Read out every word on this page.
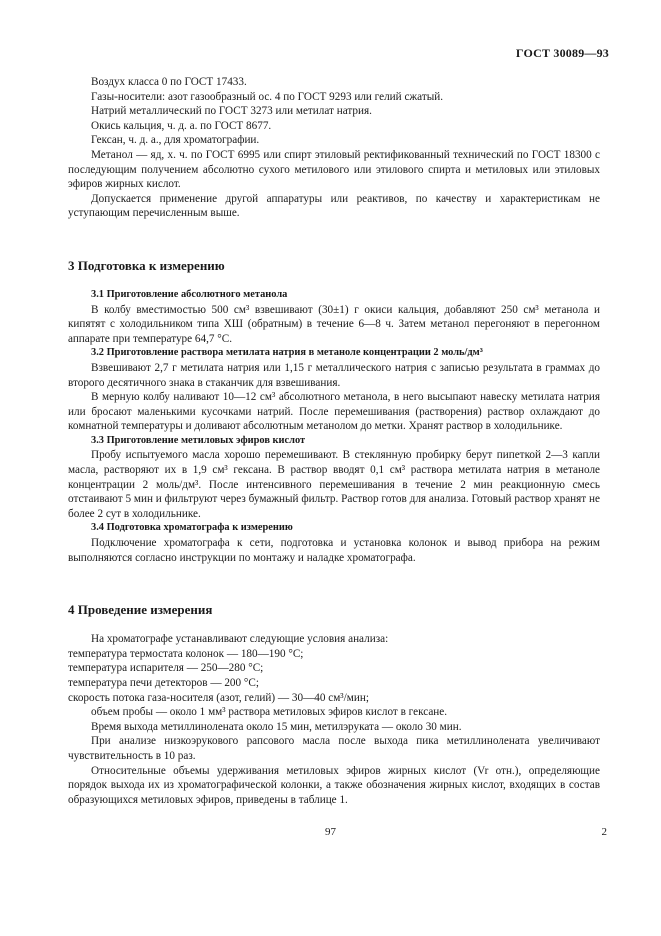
ГОСТ 30089—93

Воздух класса 0 по ГОСТ 17433.

Газы-носители: азот газообразный ос. 4 по ГОСТ 9293 или гелий сжатый.

Натрий металлический по ГОСТ 3273 или метилат натрия.

Окись кальция, ч. д. а. по ГОСТ 8677.

Гексан, ч. д. а., для хроматографии.

Метанол — яд, х. ч. по ГОСТ 6995 или спирт этиловый ректификованный технический по ГОСТ 18300 с последующим получением абсолютно сухого метилового или этилового спирта и метиловых или этиловых эфиров жирных кислот.

Допускается применение другой аппаратуры или реактивов, по качеству и характеристикам не уступающим перечисленным выше.

3 Подготовка к измерению

3.1 Приготовление абсолютного метанола

В колбу вместимостью 500 см³ взвешивают (30±1) г окиси кальция, добавляют 250 см³ метанола и кипятят с холодильником типа ХШ (обратным) в течение 6—8 ч. Затем метанол перегоняют в перегонном аппарате при температуре 64,7 °С.

3.2 Приготовление раствора метилата натрия в метаноле концентрации 2 моль/дм³

Взвешивают 2,7 г метилата натрия или 1,15 г металлического натрия с записью результата в граммах до второго десятичного знака в стаканчик для взвешивания.

В мерную колбу наливают 10—12 см³ абсолютного метанола, в него высыпают навеску метилата натрия или бросают маленькими кусочками натрий. После перемешивания (растворения) раствор охлаждают до комнатной температуры и доливают абсолютным метанолом до метки. Хранят раствор в холодильнике.

3.3 Приготовление метиловых эфиров кислот

Пробу испытуемого масла хорошо перемешивают. В стеклянную пробирку берут пипеткой 2—3 капли масла, растворяют их в 1,9 см³ гексана. В раствор вводят 0,1 см³ раствора метилата натрия в метаноле концентрации 2 моль/дм³. После интенсивного перемешивания в течение 2 мин реакционную смесь отстаивают 5 мин и фильтруют через бумажный фильтр. Раствор готов для анализа. Готовый раствор хранят не более 2 сут в холодильнике.

3.4 Подготовка хроматографа к измерению

Подключение хроматографа к сети, подготовка и установка колонок и вывод прибора на режим выполняются согласно инструкции по монтажу и наладке хроматографа.

4 Проведение измерения

На хроматографе устанавливают следующие условия анализа:

температура термостата колонок — 180—190 °С;

температура испарителя — 250—280 °С;

температура печи детекторов — 200 °С;

скорость потока газа-носителя (азот, гелий) — 30—40 см³/мин;

объем пробы — около 1 мм³ раствора метиловых эфиров кислот в гексане.

Время выхода метиллинолената около 15 мин, метилэруката — около 30 мин.

При анализе низкоэрукового рапсового масла после выхода пика метиллинолената увеличивают чувствительность в 10 раз.

Относительные объемы удерживания метиловых эфиров жирных кислот (Vr отн.), определяющие порядок выхода их из хроматографической колонки, а также обозначения жирных кислот, входящих в состав образующихся метиловых эфиров, приведены в таблице 1.

97	2
